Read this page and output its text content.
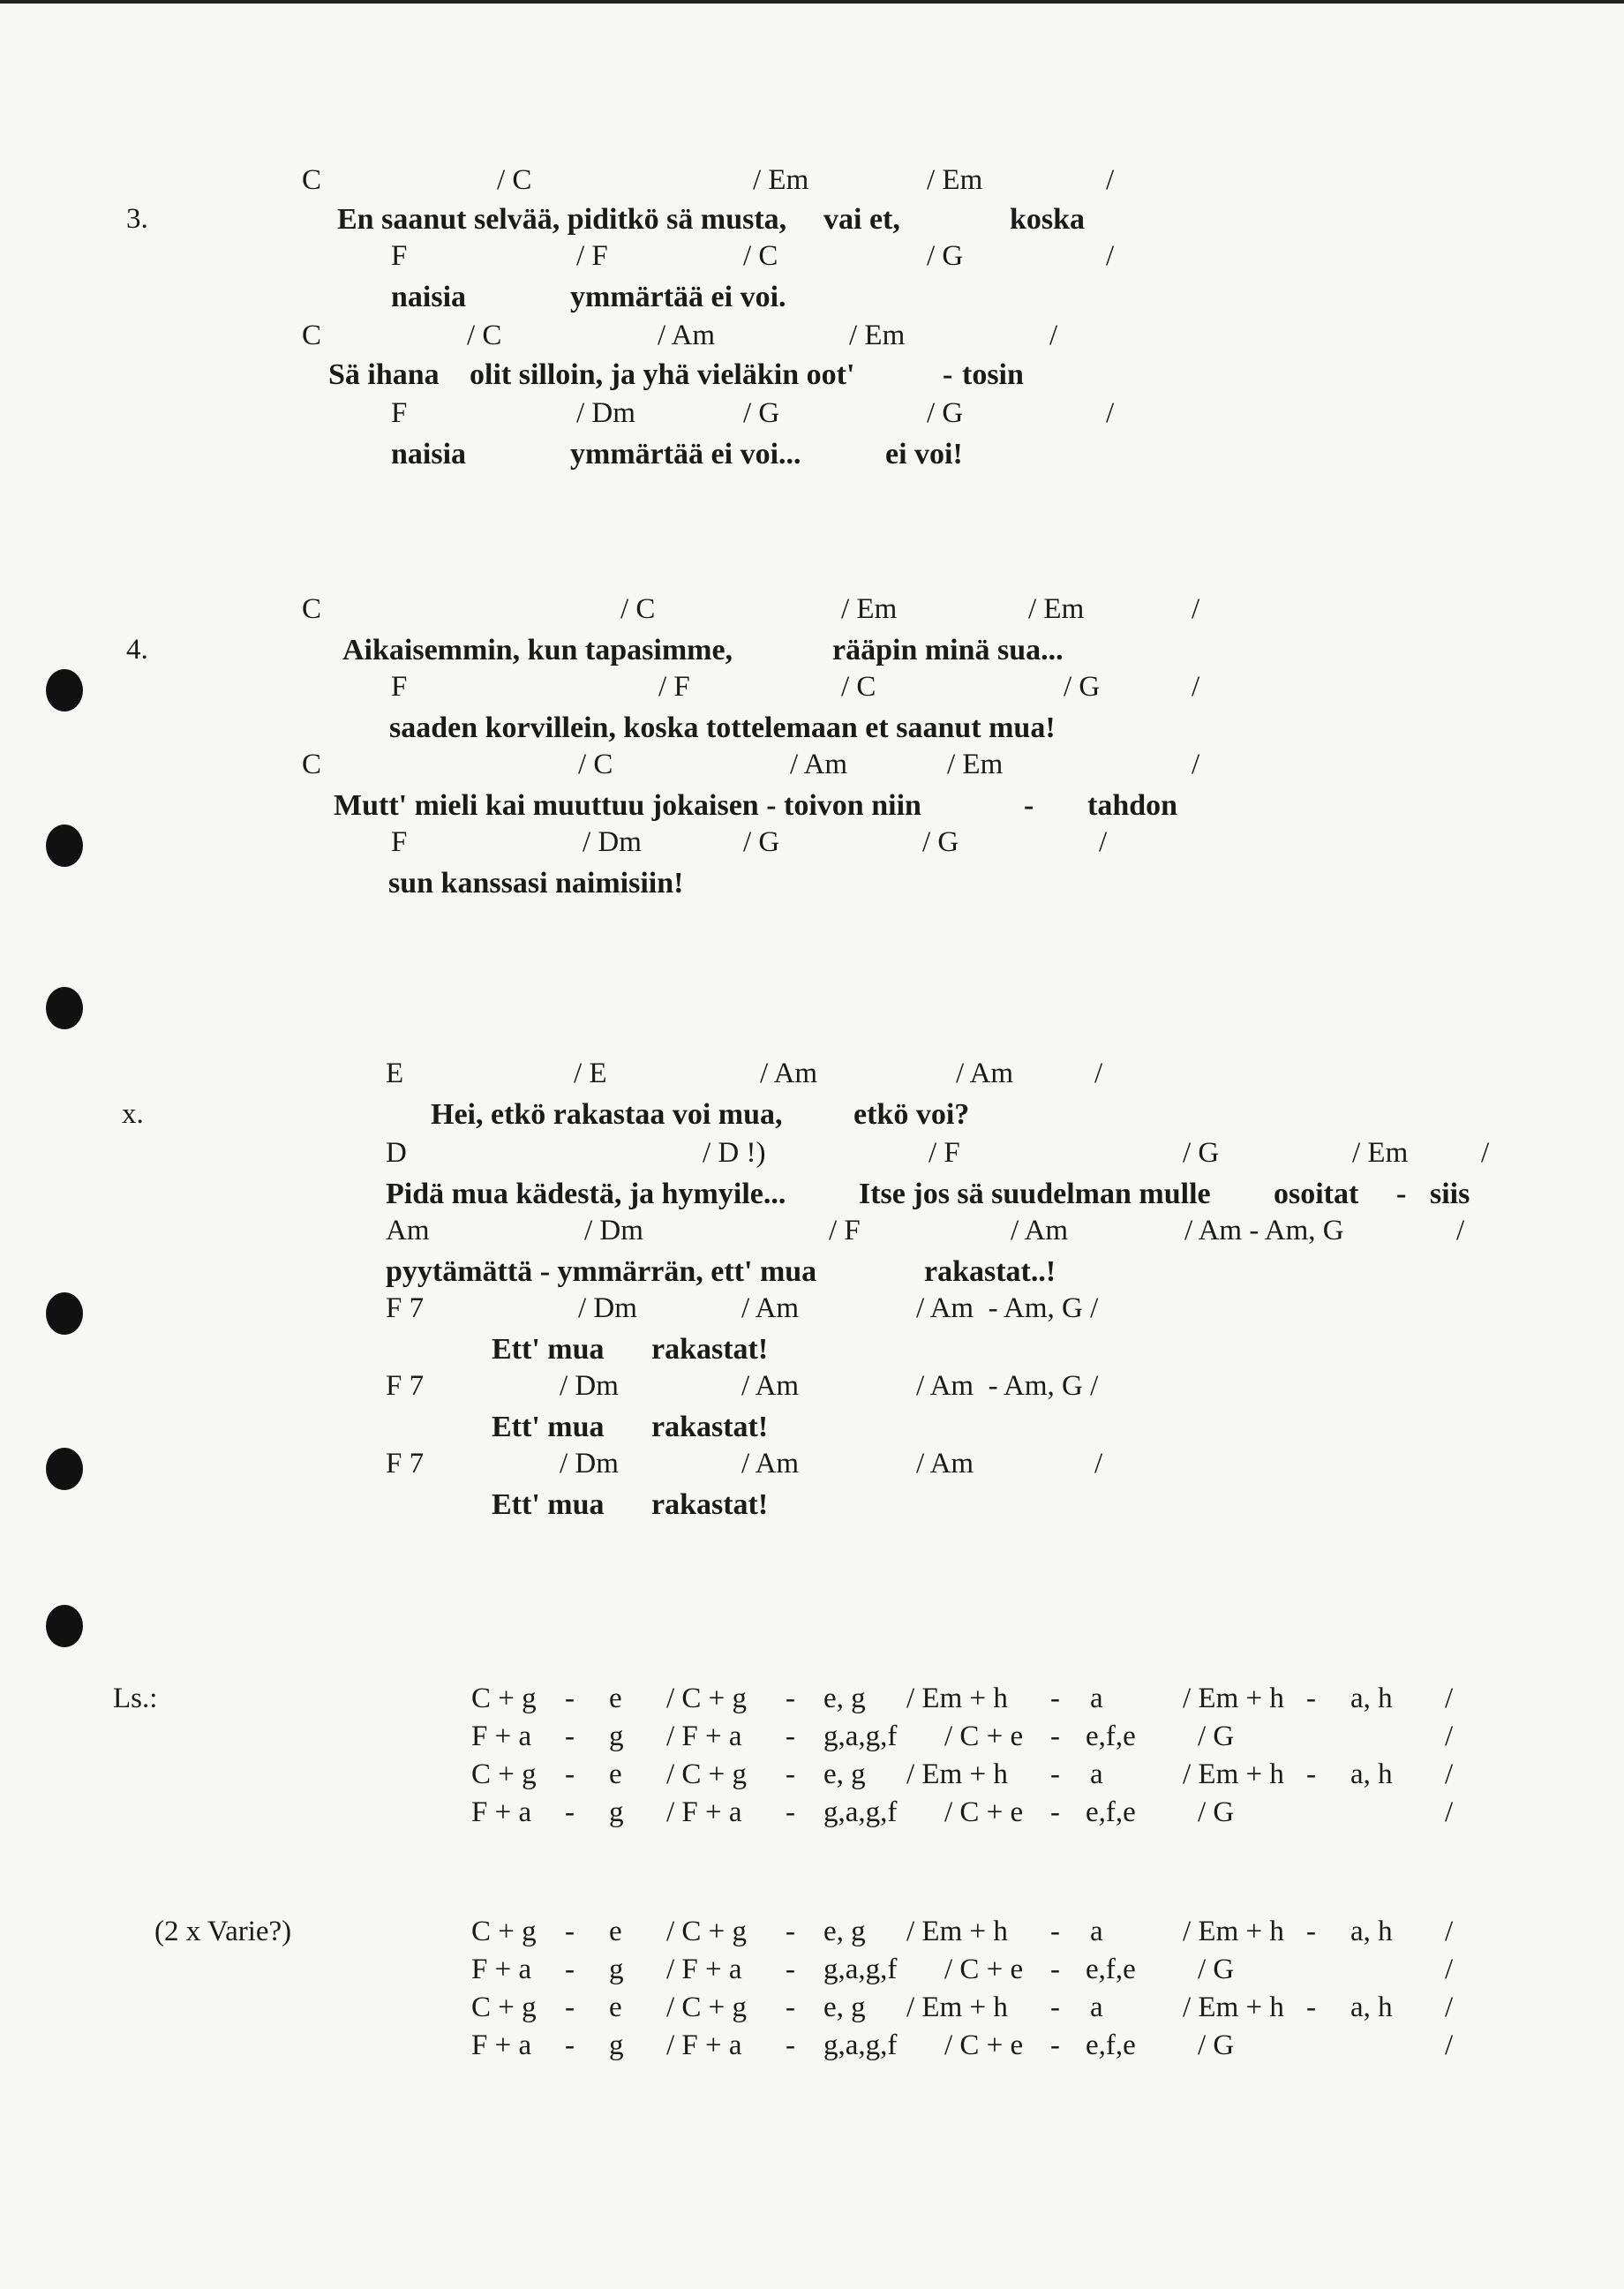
3.
4.
x.
Ls.:
(2 x Varie?)

C

	/ C

	/ Em

	/ Em

	/

En saanut selvää, piditkö sä musta,

vai et,

	koska

F

	/ F

	/ C

	/ G

	/

naisia

	ymmärtää ei voi.

C

	/ C

	/ Am

	/ Em

	/

Sä ihana

olit silloin, ja yhä vieläkin oot'

	-

tosin

F

	/ Dm

	/ G

	/ G

	/

naisia

	ymmärtää ei voi...

	ei voi!

C

	/ C

	/ Em

	/ Em

	/

Aikaisemmin, kun tapasimme,

	rääpin minä sua...

F

	/ F

	/ C

	/ G

	/

saaden korvillein, koska tottelemaan et saanut mua!

C

	/ C

	/ Am

	/ Em

	/

Mutt' mieli kai muuttuu jokaisen - toivon niin

	-

tahdon

F

	/ Dm

	/ G

	/ G

	/

sun kanssasi naimisiin!

E

	/ E

	/ Am

	/ Am

	/

Hei, etkö rakastaa voi mua,

etkö voi?

D

	/ D !)

	/ F

	/ G

	/ Em

	/

Pidä mua kädestä, ja hymyile...

Itse jos sä suudelman mulle

osoitat

-

siis

Am

	/ Dm

	/ F

	/ Am

	/ Am - Am, G

	/

pyytämättä - ymmärrän, ett' mua

	rakastat..!

F 7

	/ Dm

	/ Am

	/ Am  - Am, G /

Ett' mua

rakastat!

F 7

	/ Dm

	/ Am

	/ Am  - Am, G /

Ett' mua

rakastat!

F 7

	/ Dm

	/ Am

	/ Am

	/

Ett' mua

rakastat!

C + g - e / C + g - e, g / Em + h - a	/ Em + h - a, h /
F + a - g / F + a - g,a,g,f / C + e - e,f,e / G	/
C + g - e / C + g - e, g / Em + h - a	/ Em + h - a, h /
F + a - g / F + a - g,a,g,f / C + e - e,f,e / G	/
C + g - e / C + g - e, g / Em + h - a	/ Em + h - a, h /
F + a - g / F + a - g,a,g,f / C + e - e,f,e / G	/
C + g - e / C + g - e, g / Em + h - a	/ Em + h - a, h /
F + a - g / F + a - g,a,g,f / C + e - e,f,e / G	/
